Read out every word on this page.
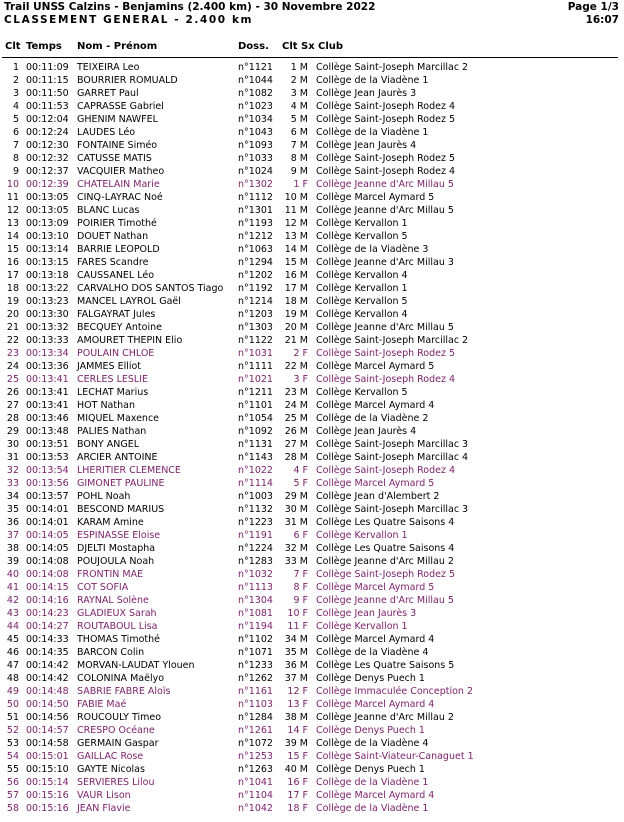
Trail UNSS Calzins - Benjamins (2.400 km) - 30 Novembre 2022
CLASSEMENT GENERAL - 2.400 km
Page 1/3
16:07
Clt Temps Nom - Prénom	Doss. Clt Sx Club
1 00:11:09 TEIXEIRA Leo	n°1121 1 M Collège Saint-Joseph Marcillac 2
2 00:11:15 BOURRIER ROMUALD	n°1044 2 M Collège de la Viadène 1
3 00:11:50 GARRET Paul	n°1082 3 M Collège Jean Jaurès 3
4 00:11:53 CAPRASSE Gabriel	n°1023 4 M Collège Saint-Joseph Rodez 4
5 00:12:04 GHENIM NAWFEL	n°1034 5 M Collège Saint-Joseph Rodez 5
6 00:12:24 LAUDES Léo	n°1043 6 M Collège de la Viadène 1
7 00:12:30 FONTAINE Siméo	n°1093 7 M Collège Jean Jaurès 4
8 00:12:32 CATUSSE MATIS	n°1033 8 M Collège Saint-Joseph Rodez 5
9 00:12:37 VACQUIER Matheo	n°1024 9 M Collège Saint-Joseph Rodez 4
10 00:12:39 CHATELAIN Marie	n°1302 1 F Collège Jeanne d'Arc Millau 5
11 00:13:05 CINQ-LAYRAC Noé	n°1112 10 M Collège Marcel Aymard 5
12 00:13:05 BLANC Lucas	n°1301 11 M Collège Jeanne d'Arc Millau 5
13 00:13:09 POIRIER Timothé	n°1193 12 M Collège Kervallon 1
14 00:13:10 DOUET Nathan	n°1212 13 M Collège Kervallon 5
15 00:13:14 BARRIE LEOPOLD	n°1063 14 M Collège de la Viadène 3
16 00:13:15 FARES Scandre	n°1294 15 M Collège Jeanne d'Arc Millau 3
17 00:13:18 CAUSSANEL Léo	n°1202 16 M Collège Kervallon 4
18 00:13:22 CARVALHO DOS SANTOS Tiago n°1192 17 M Collège Kervallon 1
19 00:13:23 MANCEL LAYROL Gaël	n°1214 18 M Collège Kervallon 5
20 00:13:30 FALGAYRAT Jules	n°1203 19 M Collège Kervallon 4
21 00:13:32 BECQUEY Antoine	n°1303 20 M Collège Jeanne d'Arc Millau 5
22 00:13:33 AMOURET THEPIN Elio	n°1122 21 M Collège Saint-Joseph Marcillac 2
23 00:13:34 POULAIN CHLOE	n°1031 2 F Collège Saint-Joseph Rodez 5
24 00:13:36 JAMMES Elliot	n°1111 22 M Collège Marcel Aymard 5
25 00:13:41 CERLES LESLIE	n°1021 3 F Collège Saint-Joseph Rodez 4
26 00:13:41 LECHAT Marius	n°1211 23 M Collège Kervallon 5
27 00:13:41 HOT Nathan	n°1101 24 M Collège Marcel Aymard 4
28 00:13:46 MIQUEL Maxence	n°1054 25 M Collège de la Viadène 2
29 00:13:48 PALIES Nathan	n°1092 26 M Collège Jean Jaurès 4
30 00:13:51 BONY ANGEL	n°1131 27 M Collège Saint-Joseph Marcillac 3
31 00:13:53 ARCIER ANTOINE	n°1143 28 M Collège Saint-Joseph Marcillac 4
32 00:13:54 LHERITIER CLEMENCE	n°1022 4 F Collège Saint-Joseph Rodez 4
33 00:13:56 GIMONET PAULINE	n°1114 5 F Collège Marcel Aymard 5
34 00:13:57 POHL Noah	n°1003 29 M Collège Jean d'Alembert 2
35 00:14:01 BESCOND MARIUS	n°1132 30 M Collège Saint-Joseph Marcillac 3
36 00:14:01 KARAM Amine	n°1223 31 M Collège Les Quatre Saisons 4
37 00:14:05 ESPINASSE Eloise	n°1191 6 F Collège Kervallon 1
38 00:14:05 DJELTI Mostapha	n°1224 32 M Collège Les Quatre Saisons 4
39 00:14:08 POUJOULA Noah	n°1283 33 M Collège Jeanne d'Arc Millau 2
40 00:14:08 FRONTIN MAE	n°1032 7 F Collège Saint-Joseph Rodez 5
41 00:14:15 COT SOFIA	n°1113 8 F Collège Marcel Aymard 5
42 00:14:16 RAYNAL Solène	n°1304 9 F Collège Jeanne d'Arc Millau 5
43 00:14:23 GLADIEUX Sarah	n°1081 10 F Collège Jean Jaurès 3
44 00:14:27 ROUTABOUL Lisa	n°1194 11 F Collège Kervallon 1
45 00:14:33 THOMAS Timothé	n°1102 34 M Collège Marcel Aymard 4
46 00:14:35 BARCON Colin	n°1071 35 M Collège de la Viadène 4
47 00:14:42 MORVAN-LAUDAT Ylouen	n°1233 36 M Collège Les Quatre Saisons 5
48 00:14:42 COLONINA Maëlyo	n°1262 37 M Collège Denys Puech 1
49 00:14:48 SABRIE FABRE Aloïs	n°1161 12 F Collège Immaculée Conception 2
50 00:14:50 FABIE Maé	n°1103 13 F Collège Marcel Aymard 4
51 00:14:56 ROUCOULY Timeo	n°1284 38 M Collège Jeanne d'Arc Millau 2
52 00:14:57 CRESPO Océane	n°1261 14 F Collège Denys Puech 1
53 00:14:58 GERMAIN Gaspar	n°1072 39 M Collège de la Viadène 4
54 00:15:01 GAILLAC Rose	n°1253 15 F Collège Saint-Viateur-Canaguet 1
55 00:15:10 GAYTE Nicolas	n°1263 40 M Collège Denys Puech 1
56 00:15:14 SERVIERES Lilou	n°1041 16 F Collège de la Viadène 1
57 00:15:16 VAUR Lison	n°1104 17 F Collège Marcel Aymard 4
58 00:15:16 JEAN Flavie	n°1042 18 F Collège de la Viadène 1
